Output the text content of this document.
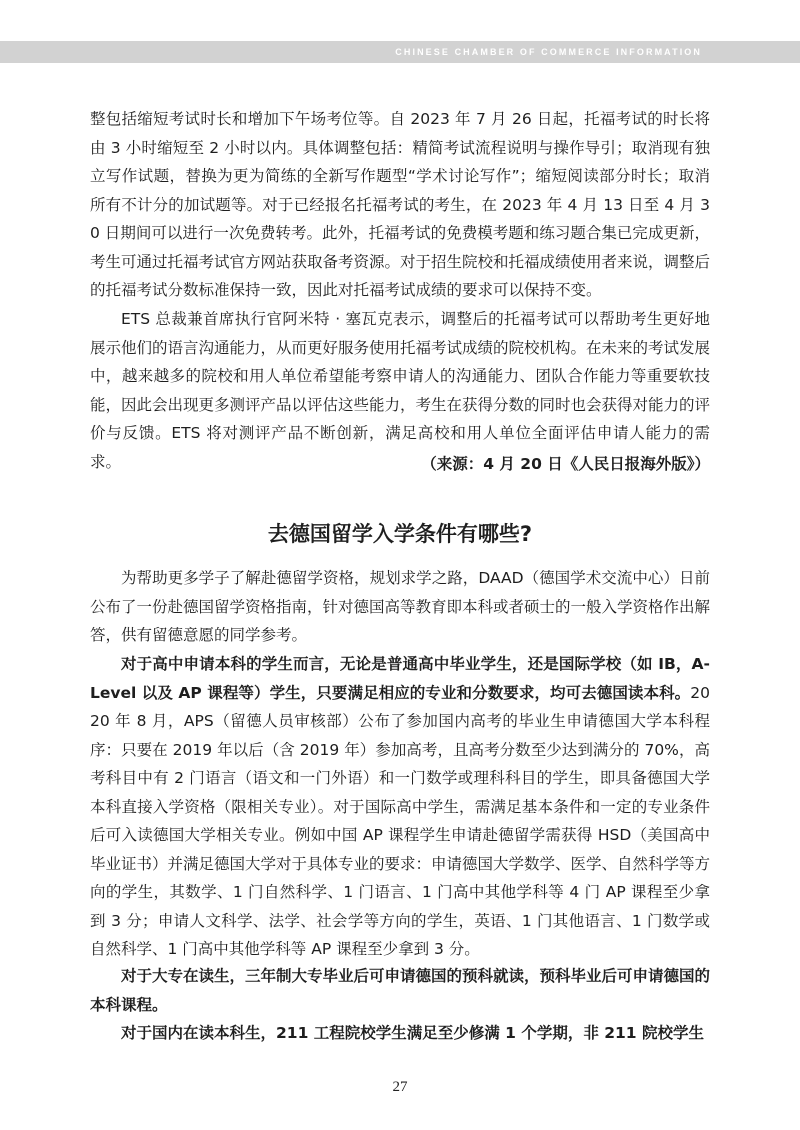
CHINESE CHAMBER OF COMMERCE INFORMATION

整包括缩短考试时长和增加下午场考位等。自 2023 年 7 月 26 日起，托福考试的时长将由 3 小时缩短至 2 小时以内。具体调整包括：精简考试流程说明与操作导引；取消现有独立写作试题，替换为更为简练的全新写作题型“学术讨论写作”；缩短阅读部分时长；取消所有不计分的加试题等。对于已经报名托福考试的考生，在 2023 年 4 月 13 日至 4 月 30 日期间可以进行一次免费转考。此外，托福考试的免费模考题和练习题合集已完成更新，考生可通过托福考试官方网站获取备考资源。对于招生院校和托福成绩使用者来说，调整后的托福考试分数标准保持一致，因此对托福考试成绩的要求可以保持不变。

ETS 总裁兼首席执行官阿米特 · 塞瓦克表示，调整后的托福考试可以帮助考生更好地展示他们的语言沟通能力，从而更好服务使用托福考试成绩的院校机构。在未来的考试发展中，越来越多的院校和用人单位希望能考察申请人的沟通能力、团队合作能力等重要软技能，因此会出现更多测评产品以评估这些能力，考生在获得分数的同时也会获得对能力的评价与反馈。ETS 将对测评产品不断创新，满足高校和用人单位全面评估申请人能力的需求。	（来源：4 月 20 日《人民日报海外版》）
去德国留学入学条件有哪些?

为帮助更多学子了解赴德留学资格，规划求学之路，DAAD（德国学术交流中心）日前公布了一份赴德国留学资格指南，针对德国高等教育即本科或者硕士的一般入学资格作出解答，供有留德意愿的同学参考。

对于高中申请本科的学生而言，无论是普通高中毕业学生，还是国际学校（如 IB，A-Level 以及 AP 课程等）学生，只要满足相应的专业和分数要求，均可去德国读本科。2020 年 8 月，APS（留德人员审核部）公布了参加国内高考的毕业生申请德国大学本科程序：只要在 2019 年以后（含 2019 年）参加高考，且高考分数至少达到满分的 70%，高考科目中有 2 门语言（语文和一门外语）和一门数学或理科科目的学生，即具备德国大学本科直接入学资格（限相关专业）。对于国际高中学生，需满足基本条件和一定的专业条件后可入读德国大学相关专业。例如中国 AP 课程学生申请赴德留学需获得 HSD（美国高中毕业证书）并满足德国大学对于具体专业的要求：申请德国大学数学、医学、自然科学等方向的学生，其数学、1 门自然科学、1 门语言、1 门高中其他学科等 4 门 AP 课程至少拿到 3 分；申请人文科学、法学、社会学等方向的学生，英语、1 门其他语言、1 门数学或自然科学、1 门高中其他学科等 AP 课程至少拿到 3 分。

对于大专在读生，三年制大专毕业后可申请德国的预科就读，预科毕业后可申请德国的本科课程。

对于国内在读本科生，211 工程院校学生满足至少修满 1 个学期，非 211 院校学生

27
